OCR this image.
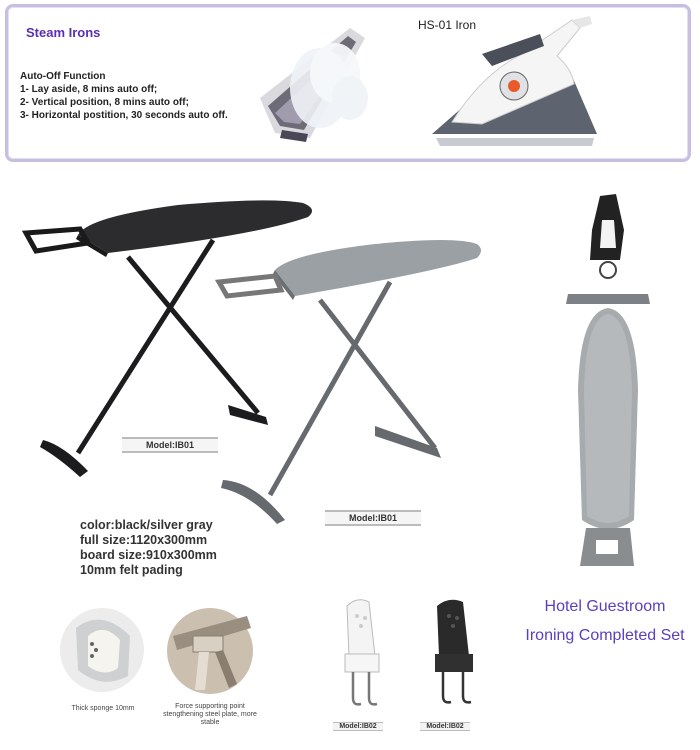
Steam Irons
Auto-Off Function
1- Lay aside, 8 mins auto off;
2- Vertical position, 8 mins auto off;
3- Horizontal postition, 30 seconds auto off.
HS-01 Iron
Model:IB01
Model:IB01
color:black/silver gray
full size:1120x300mm
board size:910x300mm
10mm felt pading
Hotel Guestroom
Ironing Completed Set
Thick sponge 10mm	Force supporting point stengthening steel plate, more stable
Model:IB02	Model:IB02
